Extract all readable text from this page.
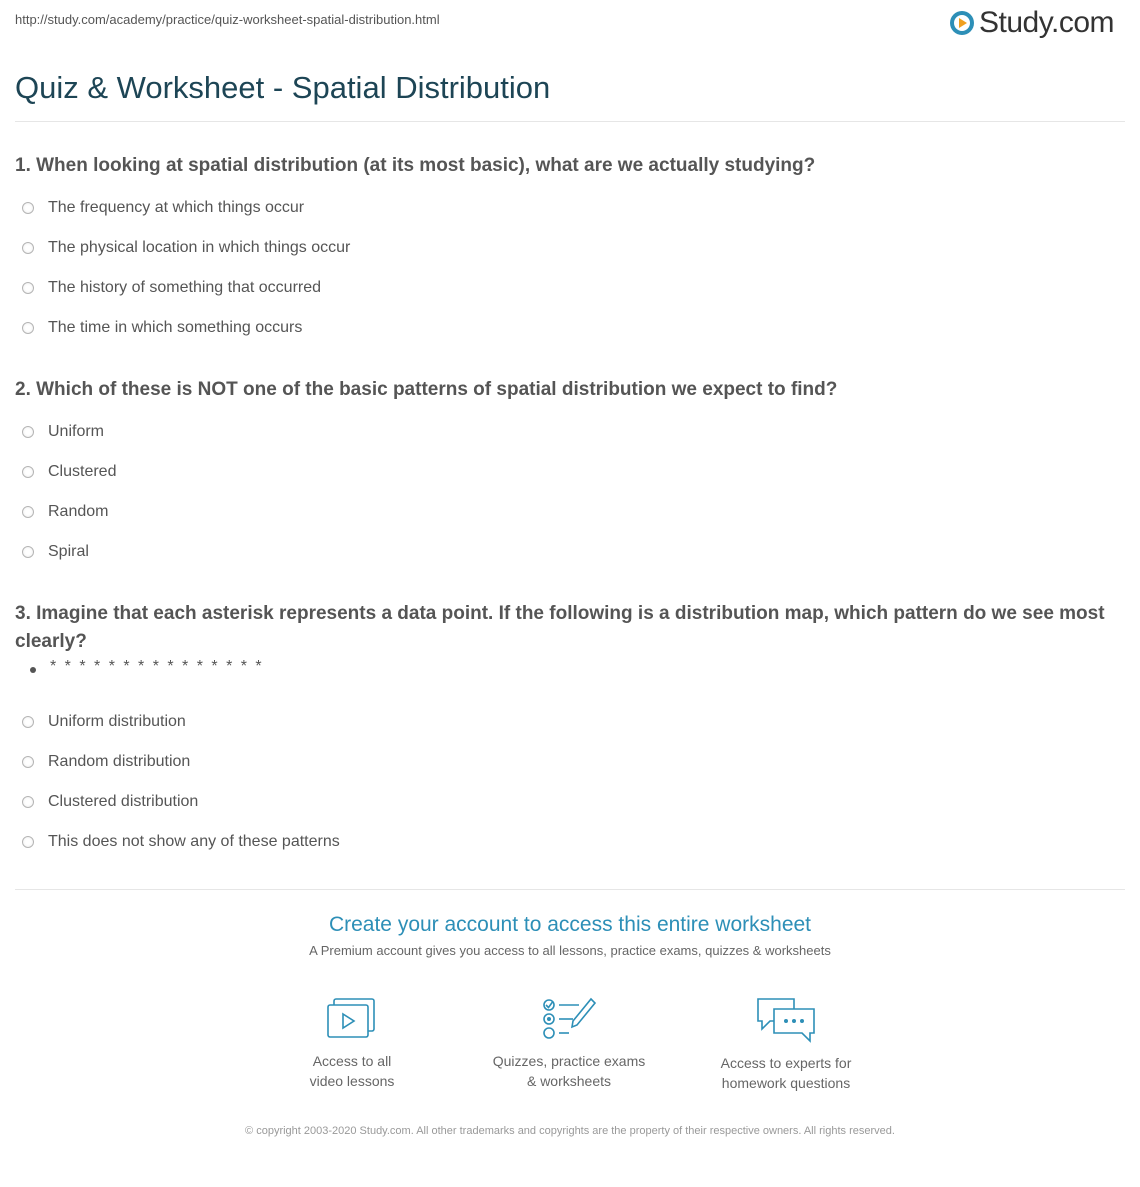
http://study.com/academy/practice/quiz-worksheet-spatial-distribution.html	Study.com
Quiz & Worksheet - Spatial Distribution
1. When looking at spatial distribution (at its most basic), what are we actually studying?
The frequency at which things occur
The physical location in which things occur
The history of something that occurred
The time in which something occurs
2. Which of these is NOT one of the basic patterns of spatial distribution we expect to find?
Uniform
Clustered
Random
Spiral
3. Imagine that each asterisk represents a data point. If the following is a distribution map, which pattern do we see most clearly?
* * * * * * * * * * * * * * *
Uniform distribution
Random distribution
Clustered distribution
This does not show any of these patterns
Create your account to access this entire worksheet
A Premium account gives you access to all lessons, practice exams, quizzes & worksheets
Access to all
video lessons
Quizzes, practice exams
& worksheets
Access to experts for
homework questions
© copyright 2003-2020 Study.com. All other trademarks and copyrights are the property of their respective owners. All rights reserved.
